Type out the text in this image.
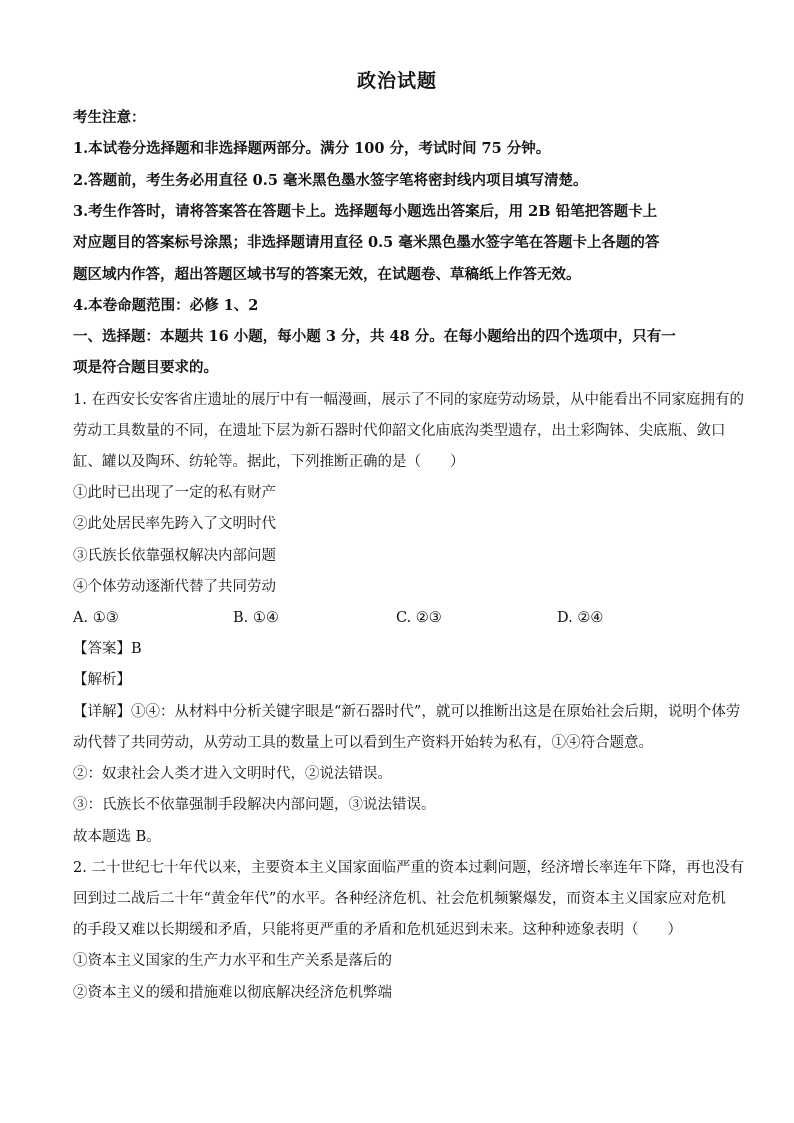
政治试题
考生注意：
1.本试卷分选择题和非选择题两部分。满分 100 分，考试时间 75 分钟。
2.答题前，考生务必用直径 0.5 毫米黑色墨水签字笔将密封线内项目填写清楚。
3.考生作答时，请将答案答在答题卡上。选择题每小题选出答案后，用 2B 铅笔把答题卡上
对应题目的答案标号涂黑；非选择题请用直径 0.5 毫米黑色墨水签字笔在答题卡上各题的答
题区域内作答，超出答题区域书写的答案无效，在试题卷、草稿纸上作答无效。
4.本卷命题范围：必修 1、2
一、选择题：本题共 16 小题，每小题 3 分，共 48 分。在每小题给出的四个选项中，只有一
项是符合题目要求的。
1. 在西安长安客省庄遗址的展厅中有一幅漫画，展示了不同的家庭劳动场景，从中能看出不同家庭拥有的
劳动工具数量的不同，在遗址下层为新石器时代仰韶文化庙底沟类型遗存，出土彩陶钵、尖底瓶、敛口
缸、罐以及陶环、纺轮等。据此，下列推断正确的是（　　）
①此时已出现了一定的私有财产
②此处居民率先跨入了文明时代
③氏族长依靠强权解决内部问题
④个体劳动逐渐代替了共同劳动
A. ①③	B. ①④	C. ②③	D. ②④
【答案】B
【解析】
【详解】①④：从材料中分析关键字眼是“新石器时代”，就可以推断出这是在原始社会后期，说明个体劳
动代替了共同劳动，从劳动工具的数量上可以看到生产资料开始转为私有，①④符合题意。
②：奴隶社会人类才进入文明时代，②说法错误。
③：氏族长不依靠强制手段解决内部问题，③说法错误。
故本题选 B。
2. 二十世纪七十年代以来，主要资本主义国家面临严重的资本过剩问题，经济增长率连年下降，再也没有
回到过二战后二十年“黄金年代”的水平。各种经济危机、社会危机频繁爆发，而资本主义国家应对危机
的手段又难以长期缓和矛盾，只能将更严重的矛盾和危机延迟到未来。这种种迹象表明（　　）
①资本主义国家的生产力水平和生产关系是落后的
②资本主义的缓和措施难以彻底解决经济危机弊端
